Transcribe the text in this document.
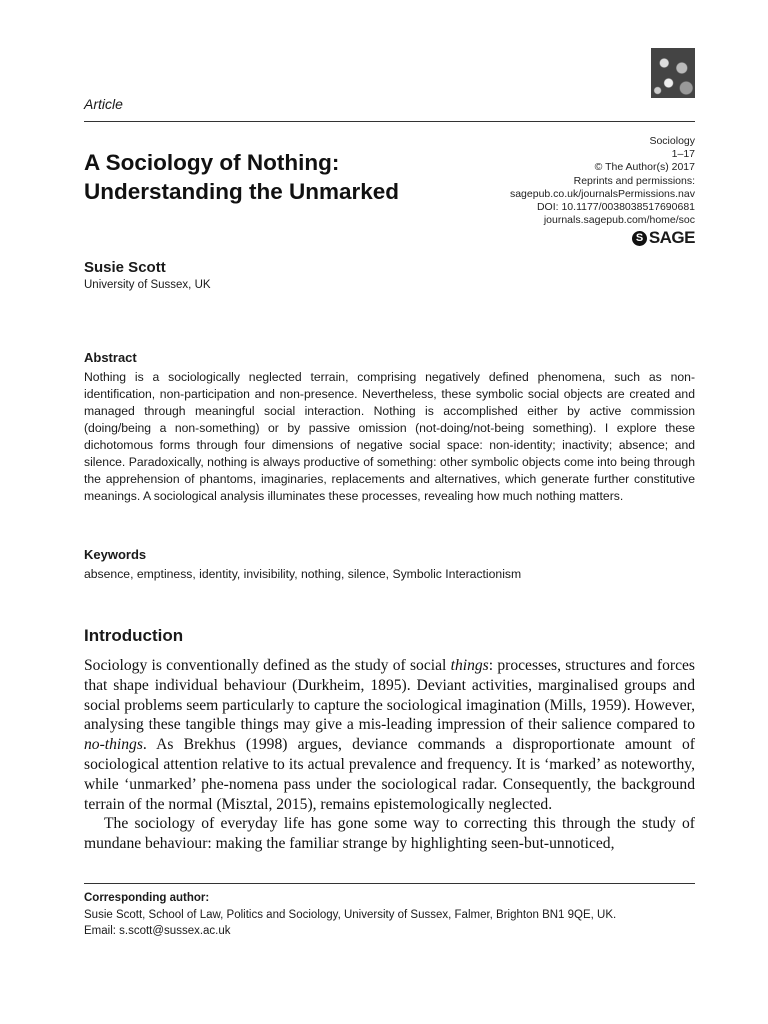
Article
Sociology
1–17
© The Author(s) 2017
Reprints and permissions:
sagepub.co.uk/journalsPermissions.nav
DOI: 10.1177/0038038517690681
journals.sagepub.com/home/soc
S SAGE
A Sociology of Nothing:
Understanding the Unmarked
Susie Scott
University of Sussex, UK
Abstract
Nothing is a sociologically neglected terrain, comprising negatively defined phenomena, such as non-identification, non-participation and non-presence. Nevertheless, these symbolic social objects are created and managed through meaningful social interaction. Nothing is accomplished either by active commission (doing/being a non-something) or by passive omission (not-doing/not-being something). I explore these dichotomous forms through four dimensions of negative social space: non-identity; inactivity; absence; and silence. Paradoxically, nothing is always productive of something: other symbolic objects come into being through the apprehension of phantoms, imaginaries, replacements and alternatives, which generate further constitutive meanings. A sociological analysis illuminates these processes, revealing how much nothing matters.
Keywords
absence, emptiness, identity, invisibility, nothing, silence, Symbolic Interactionism
Introduction

Sociology is conventionally defined as the study of social things: processes, structures and forces that shape individual behaviour (Durkheim, 1895). Deviant activities, marginalised groups and social problems seem particularly to capture the sociological imagination (Mills, 1959). However, analysing these tangible things may give a mis-leading impression of their salience compared to no-things. As Brekhus (1998) argues, deviance commands a disproportionate amount of sociological attention relative to its actual prevalence and frequency. It is ‘marked’ as noteworthy, while ‘unmarked’ phe-nomena pass under the sociological radar. Consequently, the background terrain of the normal (Misztal, 2015), remains epistemologically neglected.

The sociology of everyday life has gone some way to correcting this through the study of mundane behaviour: making the familiar strange by highlighting seen-but-unnoticed,

Corresponding author:
Susie Scott, School of Law, Politics and Sociology, University of Sussex, Falmer, Brighton BN1 9QE, UK.
Email: s.scott@sussex.ac.uk
